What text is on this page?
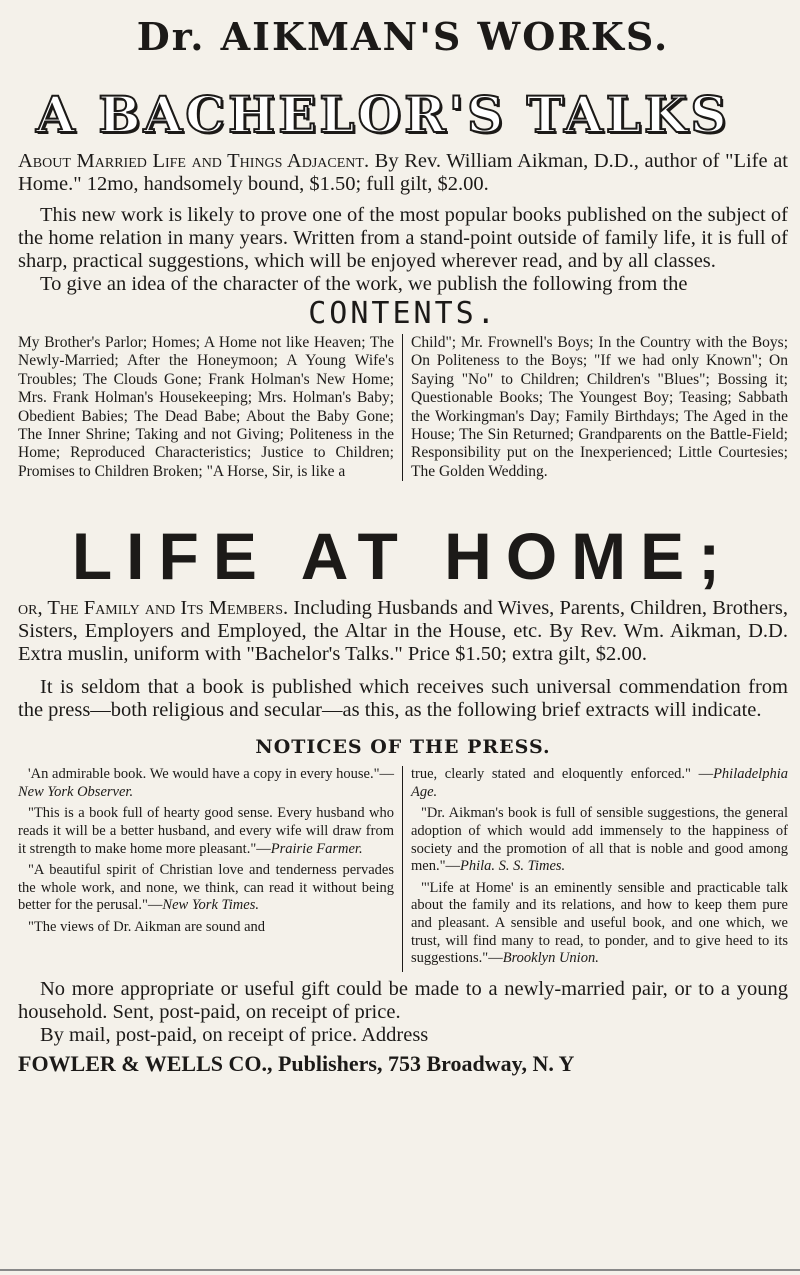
Dr. AIKMAN'S WORKS.
A BACHELOR'S TALKS

About Married Life and Things Adjacent. By Rev. William Aikman, D.D., author of "Life at Home." 12mo, handsomely bound, $1.50; full gilt, $2.00.

This new work is likely to prove one of the most popular books published on the subject of the home relation in many years. Written from a stand-point outside of family life, it is full of sharp, practical suggestions, which will be enjoyed wherever read, and by all classes.

To give an idea of the character of the work, we publish the following from the

CONTENTS.
My Brother's Parlor; Homes; A Home not like Heaven; The Newly-Married; After the Honeymoon; A Young Wife's Troubles; The Clouds Gone; Frank Holman's New Home; Mrs. Frank Holman's Housekeeping; Mrs. Holman's Baby; Obedient Babies; The Dead Babe; About the Baby Gone; The Inner Shrine; Taking and not Giving; Politeness in the Home; Reproduced Characteristics; Justice to Children; Promises to Children Broken; "A Horse, Sir, is like a
Child"; Mr. Frownell's Boys; In the Country with the Boys; On Politeness to the Boys; "If we had only Known"; On Saying "No" to Children; Children's "Blues"; Bossing it; Questionable Books; The Youngest Boy; Teasing; Sabbath the Workingman's Day; Family Birthdays; The Aged in the House; The Sin Returned; Grandparents on the Battle-Field; Responsibility put on the Inexperienced; Little Courtesies; The Golden Wedding.
LIFE AT HOME;

or, The Family and Its Members. Including Husbands and Wives, Parents, Children, Brothers, Sisters, Employers and Employed, the Altar in the House, etc. By Rev. Wm. Aikman, D.D. Extra muslin, uniform with "Bachelor's Talks." Price $1.50; extra gilt, $2.00.

It is seldom that a book is published which receives such universal commendation from the press—both religious and secular—as this, as the following brief extracts will indicate.

NOTICES OF THE PRESS.

'An admirable book. We would have a copy in every house."—New York Observer.

"This is a book full of hearty good sense. Every husband who reads it will be a better husband, and every wife will draw from it strength to make home more pleasant."—Prairie Farmer.

"A beautiful spirit of Christian love and tenderness pervades the whole work, and none, we think, can read it without being better for the perusal."—New York Times.

"The views of Dr. Aikman are sound and

true, clearly stated and eloquently enforced." —Philadelphia Age.

"Dr. Aikman's book is full of sensible suggestions, the general adoption of which would add immensely to the happiness of society and the promotion of all that is noble and good among men."—Phila. S. S. Times.

"'Life at Home' is an eminently sensible and practicable talk about the family and its relations, and how to keep them pure and pleasant. A sensible and useful book, and one which, we trust, will find many to read, to ponder, and to give heed to its suggestions."—Brooklyn Union.

No more appropriate or useful gift could be made to a newly-married pair, or to a young household. Sent, post-paid, on receipt of price.

By mail, post-paid, on receipt of price. Address

FOWLER & WELLS CO., Publishers, 753 Broadway, N. Y
